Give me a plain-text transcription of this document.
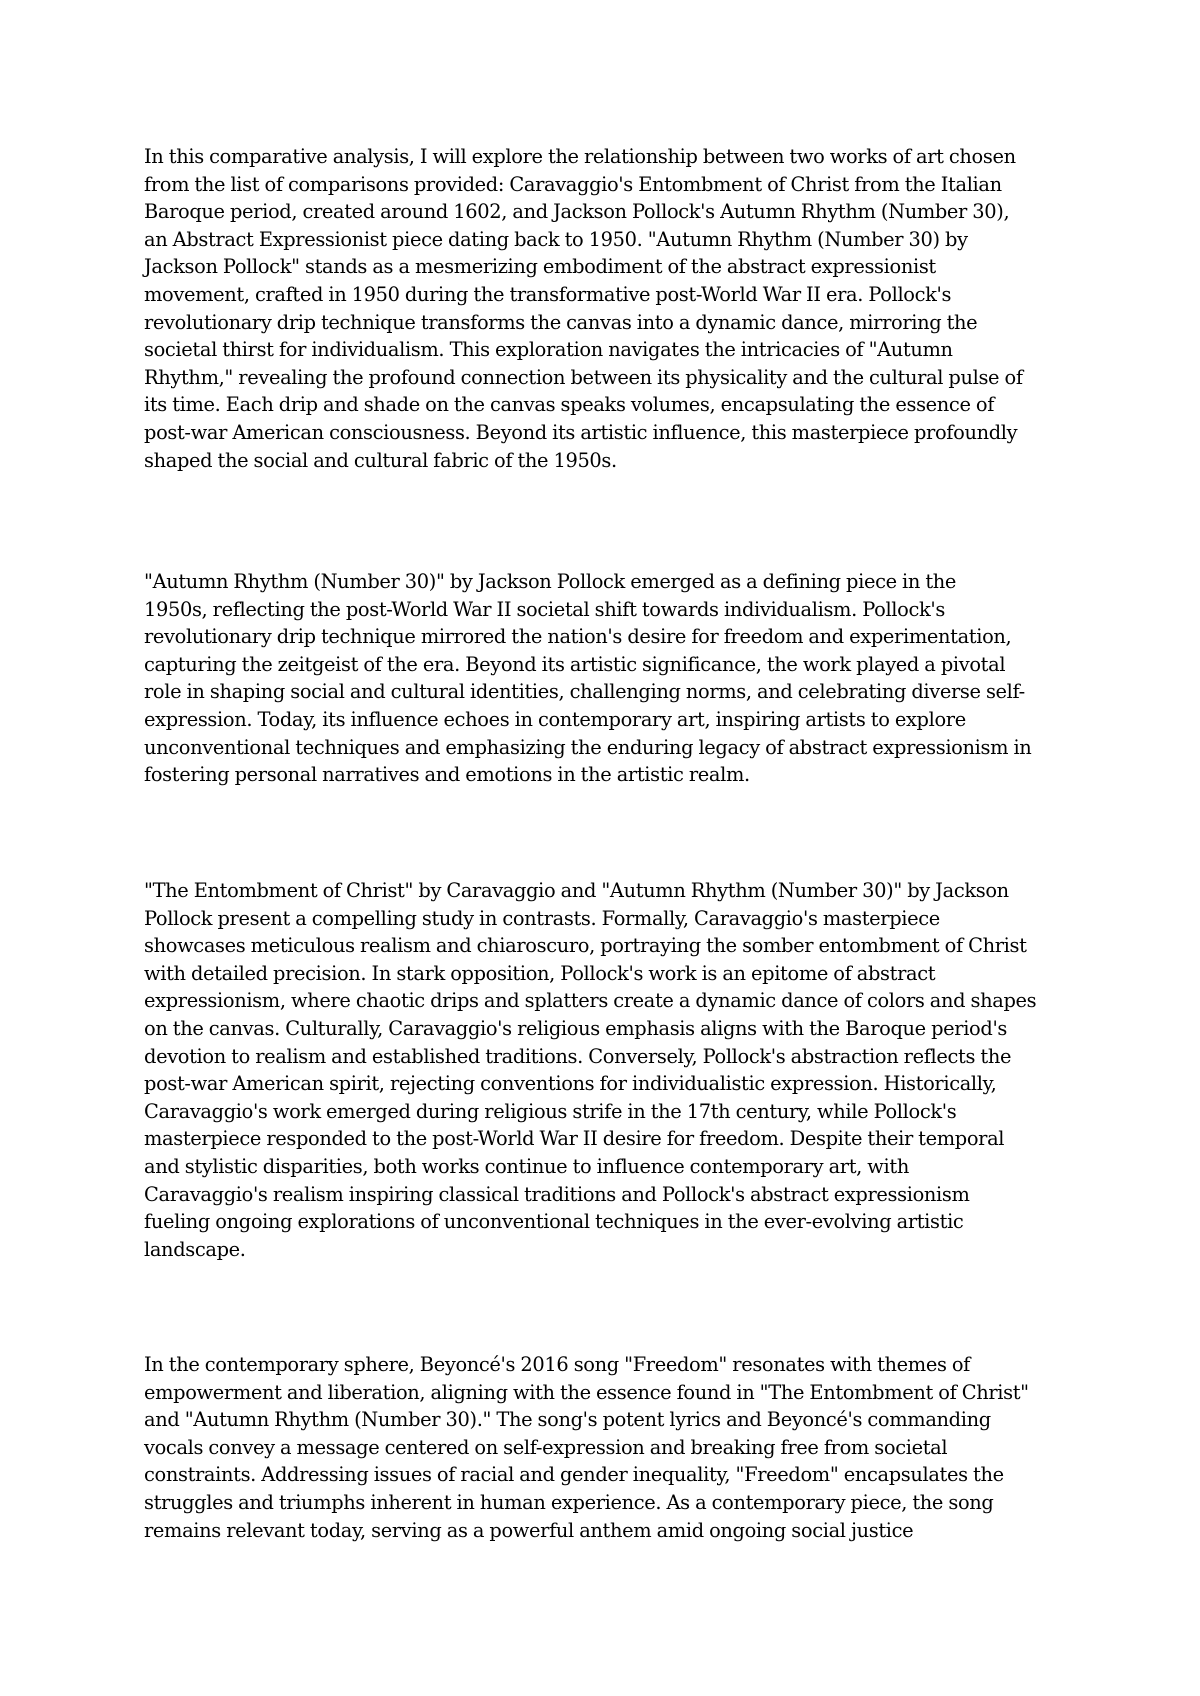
In this comparative analysis, I will explore the relationship between two works of art chosen
from the list of comparisons provided: Caravaggio's Entombment of Christ from the Italian
Baroque period, created around 1602, and Jackson Pollock's Autumn Rhythm (Number 30),
an Abstract Expressionist piece dating back to 1950. "Autumn Rhythm (Number 30) by
Jackson Pollock" stands as a mesmerizing embodiment of the abstract expressionist
movement, crafted in 1950 during the transformative post-World War II era. Pollock's
revolutionary drip technique transforms the canvas into a dynamic dance, mirroring the
societal thirst for individualism. This exploration navigates the intricacies of "Autumn
Rhythm," revealing the profound connection between its physicality and the cultural pulse of
its time. Each drip and shade on the canvas speaks volumes, encapsulating the essence of
post-war American consciousness. Beyond its artistic influence, this masterpiece profoundly
shaped the social and cultural fabric of the 1950s.
"Autumn Rhythm (Number 30)" by Jackson Pollock emerged as a defining piece in the
1950s, reflecting the post-World War II societal shift towards individualism. Pollock's
revolutionary drip technique mirrored the nation's desire for freedom and experimentation,
capturing the zeitgeist of the era. Beyond its artistic significance, the work played a pivotal
role in shaping social and cultural identities, challenging norms, and celebrating diverse self-
expression. Today, its influence echoes in contemporary art, inspiring artists to explore
unconventional techniques and emphasizing the enduring legacy of abstract expressionism in
fostering personal narratives and emotions in the artistic realm.
"The Entombment of Christ" by Caravaggio and "Autumn Rhythm (Number 30)" by Jackson
Pollock present a compelling study in contrasts. Formally, Caravaggio's masterpiece
showcases meticulous realism and chiaroscuro, portraying the somber entombment of Christ
with detailed precision. In stark opposition, Pollock's work is an epitome of abstract
expressionism, where chaotic drips and splatters create a dynamic dance of colors and shapes
on the canvas. Culturally, Caravaggio's religious emphasis aligns with the Baroque period's
devotion to realism and established traditions. Conversely, Pollock's abstraction reflects the
post-war American spirit, rejecting conventions for individualistic expression. Historically,
Caravaggio's work emerged during religious strife in the 17th century, while Pollock's
masterpiece responded to the post-World War II desire for freedom. Despite their temporal
and stylistic disparities, both works continue to influence contemporary art, with
Caravaggio's realism inspiring classical traditions and Pollock's abstract expressionism
fueling ongoing explorations of unconventional techniques in the ever-evolving artistic
landscape.
In the contemporary sphere, Beyoncé's 2016 song "Freedom" resonates with themes of
empowerment and liberation, aligning with the essence found in "The Entombment of Christ"
and "Autumn Rhythm (Number 30)." The song's potent lyrics and Beyoncé's commanding
vocals convey a message centered on self-expression and breaking free from societal
constraints. Addressing issues of racial and gender inequality, "Freedom" encapsulates the
struggles and triumphs inherent in human experience. As a contemporary piece, the song
remains relevant today, serving as a powerful anthem amid ongoing social justice
